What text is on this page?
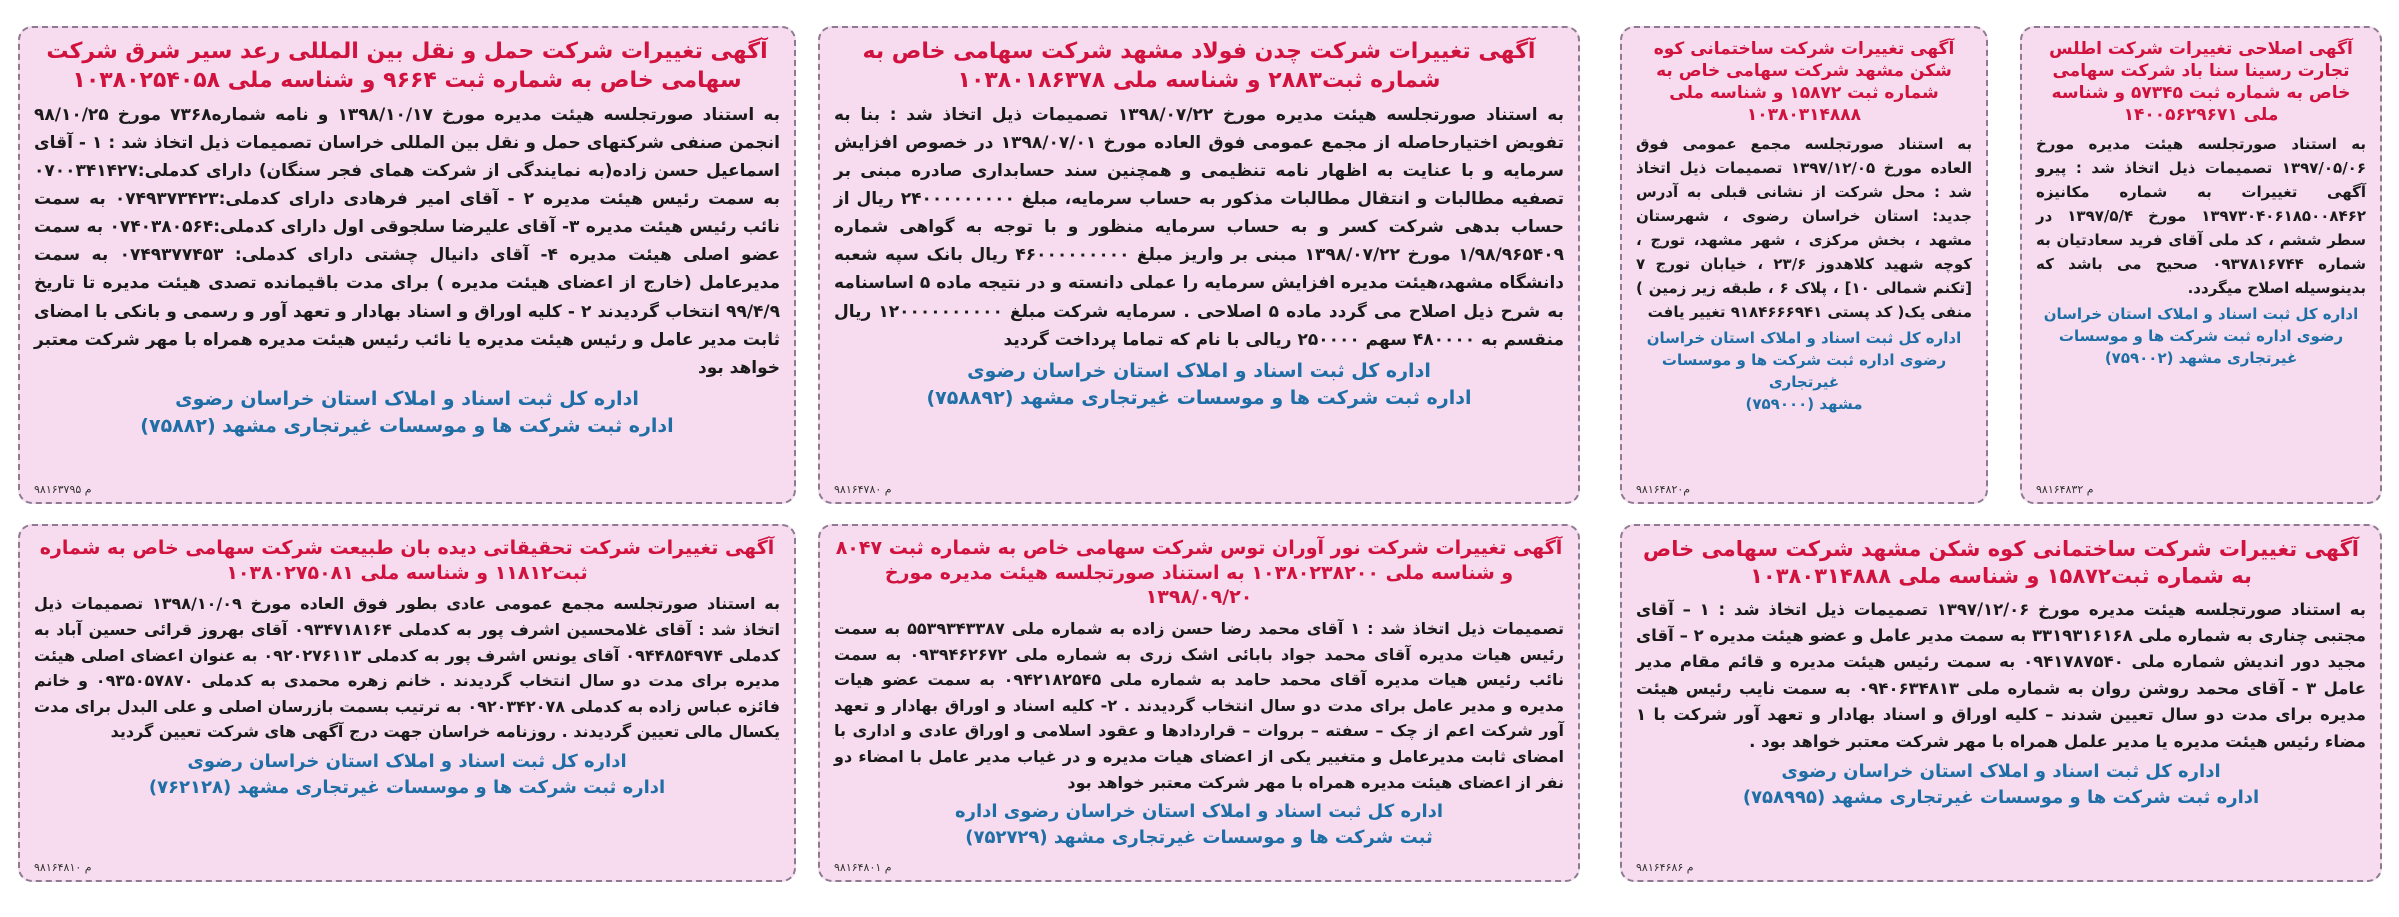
آگهی تغییرات شرکت حمل و نقل بین المللی رعد سیر شرق شرکت سهامی خاص به شماره ثبت ۹۶۶۴ و شناسه ملی ۱۰۳۸۰۲۵۴۰۵۸

به استناد صورتجلسه هیئت مدیره مورخ ۱۳۹۸/۱۰/۱۷ و نامه شماره۷۳۶۸ مورخ ۹۸/۱۰/۲۵ انجمن صنفی شرکتهای حمل و نقل بین المللی خراسان تصمیمات ذیل اتخاذ شد : ۱ - آقای اسماعیل حسن زاده(به نمایندگی از شرکت همای فجر سنگان) دارای کدملی:۰۷۰۰۳۴۱۴۲۷ به سمت رئیس هیئت مدیره ۲ - آقای امیر فرهادی دارای کدملی:۰۷۴۹۳۷۳۴۲۳ به سمت نائب رئیس هیئت مدیره ۳- آقای علیرضا سلجوقی اول دارای کدملی:۰۷۴۰۳۸۰۵۶۴ به سمت عضو اصلی هیئت مدیره ۴- آقای دانیال چشتی دارای کدملی: ۰۷۴۹۳۷۷۴۵۳ به سمت مدیرعامل (خارج از اعضای هیئت مدیره ) برای مدت باقیمانده تصدی هیئت مدیره تا تاریخ ۹۹/۴/۹ انتخاب گردیدند ۲ - کلیه اوراق و اسناد بهادار و تعهد آور و رسمی و بانکی با امضای ثابت مدیر عامل و رئیس هیئت مدیره یا نائب رئیس هیئت مدیره همراه با مهر شرکت معتبر خواهد بود

اداره کل ثبت اسناد و املاک استان خراسان رضوی

اداره ثبت شرکت ها و موسسات غیرتجاری مشهد (۷۵۸۸۲)

م ۹۸۱۶۳۷۹۵

آگهی تغییرات شرکت چدن فولاد مشهد شرکت سهامی خاص به شماره ثبت۲۸۸۳ و شناسه ملی ۱۰۳۸۰۱۸۶۳۷۸

به استناد صورتجلسه هیئت مدیره مورخ ۱۳۹۸/۰۷/۲۲ تصمیمات ذیل اتخاذ شد : بنا به تفویض اختیارحاصله از مجمع عمومی فوق العاده مورخ ۱۳۹۸/۰۷/۰۱ در خصوص افزایش سرمایه و با عنایت به اظهار نامه تنظیمی و همچنین سند حسابداری صادره مبنی بر تصفیه مطالبات و انتقال مطالبات مذکور به حساب سرمایه، مبلغ ۲۴۰۰۰۰۰۰۰۰۰ ریال از حساب بدهی شرکت کسر و به حساب سرمایه منظور و با توجه به گواهی شماره ۱/۹۸/۹۶۵۴۰۹ مورخ ۱۳۹۸/۰۷/۲۲ مبنی بر واریز مبلغ ۴۶۰۰۰۰۰۰۰۰۰ ریال بانک سپه شعبه دانشگاه مشهد،هیئت مدیره افزایش سرمایه را عملی دانسته و در نتیجه ماده ۵ اساسنامه به شرح ذیل اصلاح می گردد ماده ۵ اصلاحی . سرمایه شرکت مبلغ ۱۲۰۰۰۰۰۰۰۰۰۰ ریال منقسم به ۴۸۰۰۰۰ سهم ۲۵۰۰۰۰ ریالی با نام که تماما پرداخت گردید

اداره کل ثبت اسناد و املاک استان خراسان رضوی

اداره ثبت شرکت ها و موسسات غیرتجاری مشهد (۷۵۸۸۹۲)

م ۹۸۱۶۴۷۸۰

آگهی تغییرات شرکت ساختمانی کوه شکن مشهد شرکت سهامی خاص به شماره ثبت ۱۵۸۷۲ و شناسه ملی ۱۰۳۸۰۳۱۴۸۸۸

به استناد صورتجلسه مجمع عمومی فوق العاده مورخ ۱۳۹۷/۱۲/۰۵ تصمیمات ذیل اتخاذ شد : محل شرکت از نشانی قبلی به آدرس جدید: استان خراسان رضوی ، شهرستان مشهد ، بخش مرکزی ، شهر مشهد، تورج ، کوچه شهید کلاهدوز ۲۳/۶ ، خیابان تورج ۷ [تکنم شمالی ۱۰] ، پلاک ۶ ، طبقه زیر زمین ) منفی یک( کد پستی ۹۱۸۴۶۶۶۹۴۱ تغییر یافت

اداره کل ثبت اسناد و املاک استان خراسان رضوی اداره ثبت شرکت ها و موسسات غیرتجاری

مشهد (۷۵۹۰۰۰)

م۹۸۱۶۴۸۲۰

آگهی اصلاحی تغییرات شرکت اطلس تجارت رسینا سنا باد شرکت سهامی خاص به شماره ثبت ۵۷۳۴۵ و شناسه ملی ۱۴۰۰۵۶۲۹۶۷۱

به استناد صورتجلسه هیئت مدیره مورخ ۱۳۹۷/۰۵/۰۶ تصمیمات ذیل اتخاذ شد : پیرو آگهی تغییرات به شماره مکانیزه ۱۳۹۷۳۰۴۰۶۱۸۵۰۰۸۴۶۲ مورخ ۱۳۹۷/۵/۴ در سطر ششم ، کد ملی آقای فرید سعادتیان به شماره ۰۹۳۷۸۱۶۷۴۴ صحیح می باشد که بدینوسیله اصلاح میگردد.

اداره کل ثبت اسناد و املاک استان خراسان رضوی اداره ثبت شرکت ها و موسسات

غیرتجاری مشهد (۷۵۹۰۰۲)

م ۹۸۱۶۴۸۳۲

آگهی تغییرات شرکت تحقیقاتی دیده بان طبیعت شرکت سهامی خاص به شماره ثبت۱۱۸۱۲ و شناسه ملی ۱۰۳۸۰۲۷۵۰۸۱

به استناد صورتجلسه مجمع عمومی عادی بطور فوق العاده مورخ ۱۳۹۸/۱۰/۰۹ تصمیمات ذیل اتخاذ شد : آقای غلامحسین اشرف پور به کدملی ۰۹۳۴۷۱۸۱۶۴ آقای بهروز قرائی حسین آباد به کدملی ۰۹۴۴۸۵۴۹۷۴ آقای یونس اشرف پور به کدملی ۰۹۲۰۲۷۶۱۱۳ به عنوان اعضای اصلی هیئت مدیره برای مدت دو سال انتخاب گردیدند . خانم زهره محمدی به کدملی ۰۹۳۵۰۵۷۸۷۰ و خانم فائزه عباس زاده به کدملی ۰۹۲۰۳۴۲۰۷۸ به ترتیب بسمت بازرسان اصلی و علی البدل برای مدت یکسال مالی تعیین گردیدند . روزنامه خراسان جهت درج آگهی های شرکت تعیین گردید

اداره کل ثبت اسناد و املاک استان خراسان رضوی

اداره ثبت شرکت ها و موسسات غیرتجاری مشهد (۷۶۲۱۲۸)

م ۹۸۱۶۴۸۱۰

آگهی تغییرات شرکت نور آوران توس شرکت سهامی خاص به شماره ثبت ۸۰۴۷ و شناسه ملی ۱۰۳۸۰۲۳۸۲۰۰ به استناد صورتجلسه هیئت مدیره مورخ ۱۳۹۸/۰۹/۲۰

تصمیمات ذیل اتخاذ شد : ۱ آقای محمد رضا حسن زاده به شماره ملی ۵۵۳۹۳۴۳۳۸۷ به سمت رئیس هیات مدیره آقای محمد جواد بابائی اشک زری به شماره ملی ۰۹۳۹۴۶۲۶۷۲ به سمت نائب رئیس هیات مدیره آقای محمد حامد به شماره ملی ۰۹۴۲۱۸۲۵۴۵ به سمت عضو هیات مدیره و مدیر عامل برای مدت دو سال انتخاب گردیدند . ۲- کلیه اسناد و اوراق بهادار و تعهد آور شرکت اعم از چک – سفته – بروات – قراردادها و عقود اسلامی و اوراق عادی و اداری با امضای ثابت مدیرعامل و متغییر یکی از اعضای هیات مدیره و در غیاب مدیر عامل با امضاء دو نفر از اعضای هیئت مدیره همراه با مهر شرکت معتبر خواهد بود

اداره کل ثبت اسناد و املاک استان خراسان رضوی اداره

ثبت شرکت ها و موسسات غیرتجاری مشهد (۷۵۲۷۲۹)

م ۹۸۱۶۴۸۰۱

آگهی تغییرات شرکت ساختمانی کوه شکن مشهد شرکت سهامی خاص به شماره ثبت۱۵۸۷۲ و شناسه ملی ۱۰۳۸۰۳۱۴۸۸۸

به استناد صورتجلسه هیئت مدیره مورخ ۱۳۹۷/۱۲/۰۶ تصمیمات ذیل اتخاذ شد : ۱ – آقای مجتبی چناری به شماره ملی ۳۳۱۹۳۱۶۱۶۸ به سمت مدیر عامل و عضو هیئت مدیره ۲ – آقای مجید دور اندیش شماره ملی ۰۹۴۱۷۸۷۵۴۰ به سمت رئیس هیئت مدیره و قائم مقام مدیر عامل ۳ - آقای محمد روشن روان به شماره ملی ۰۹۴۰۶۳۴۸۱۳ به سمت نایب رئیس هیئت مدیره برای مدت دو سال تعیین شدند – کلیه اوراق و اسناد بهادار و تعهد آور شرکت با ۱ مضاء رئیس هیئت مدیره یا مدیر علمل همراه با مهر شرکت معتبر خواهد بود .

اداره کل ثبت اسناد و املاک استان خراسان رضوی

اداره ثبت شرکت ها و موسسات غیرتجاری مشهد (۷۵۸۹۹۵)

م ۹۸۱۶۴۶۸۶
